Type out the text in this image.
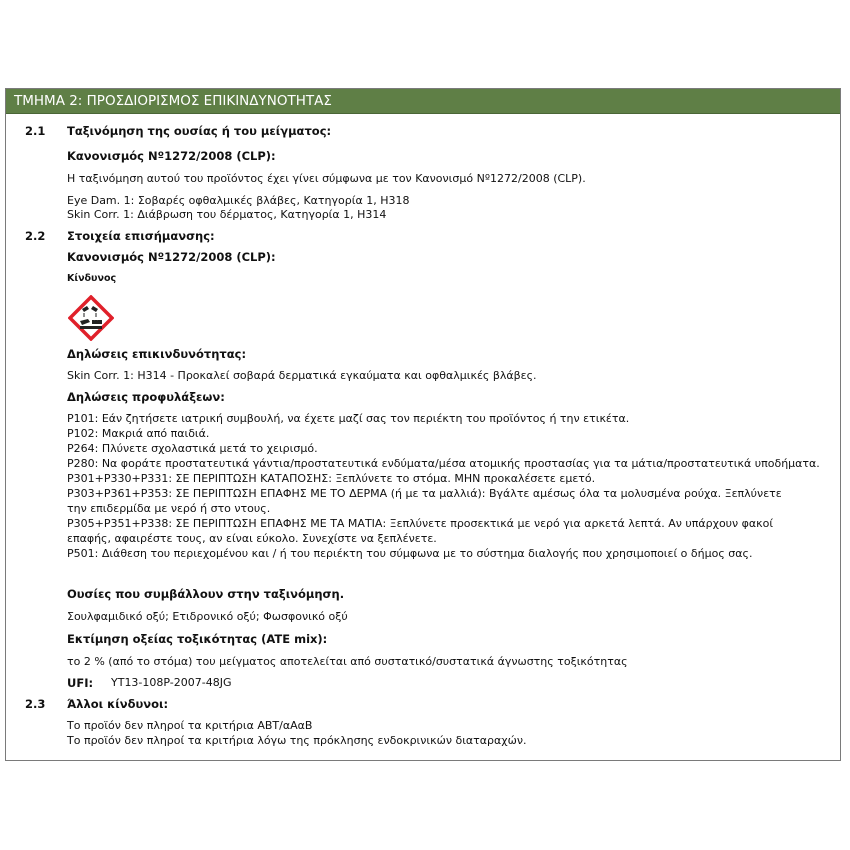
ΤΜΗΜΑ 2: ΠΡΟΣΔΙΟΡΙΣΜΟΣ ΕΠΙΚΙΝΔΥΝΟΤΗΤΑΣ
2.1 Ταξινόμηση της ουσίας ή του μείγματος:
Κανονισμός Nº1272/2008 (CLP):
Η ταξινόμηση αυτού του προϊόντος έχει γίνει σύμφωνα με τον Κανονισμό Nº1272/2008 (CLP).
Eye Dam. 1: Σοβαρές οφθαλμικές βλάβες, Κατηγορία 1, H318
Skin Corr. 1: Διάβρωση του δέρματος, Κατηγορία 1, H314
2.2 Στοιχεία επισήμανσης:
Κανονισμός Nº1272/2008 (CLP):
Κίνδυνος
Δηλώσεις επικινδυνότητας:
Skin Corr. 1: H314 - Προκαλεί σοβαρά δερματικά εγκαύματα και οφθαλμικές βλάβες.
Δηλώσεις προφυλάξεων:
P101: Εάν ζητήσετε ιατρική συμβουλή, να έχετε μαζί σας τον περιέκτη του προϊόντος ή την ετικέτα.
P102: Μακριά από παιδιά.
P264: Πλύνετε σχολαστικά μετά το χειρισμό.
P280: Να φοράτε προστατευτικά γάντια/προστατευτικά ενδύματα/μέσα ατομικής προστασίας για τα μάτια/προστατευτικά υποδήματα.
P301+P330+P331: ΣΕ ΠΕΡΙΠΤΩΣΗ ΚΑΤΑΠΟΣΗΣ: Ξεπλύνετε το στόμα. ΜΗΝ προκαλέσετε εμετό.
P303+P361+P353: ΣΕ ΠΕΡΙΠΤΩΣΗ ΕΠΑΦΗΣ ΜΕ ΤΟ ΔΕΡΜΑ (ή με τα μαλλιά): Βγάλτε αμέσως όλα τα μολυσμένα ρούχα. Ξεπλύνετε
την επιδερμίδα με νερό ή στο ντους.
P305+P351+P338: ΣΕ ΠΕΡΙΠΤΩΣΗ ΕΠΑΦΗΣ ΜΕ ΤΑ ΜΑΤΙΑ: Ξεπλύνετε προσεκτικά με νερό για αρκετά λεπτά. Αν υπάρχουν φακοί
επαφής, αφαιρέστε τους, αν είναι εύκολο. Συνεχίστε να ξεπλένετε.
P501: Διάθεση του περιεχομένου και / ή του περιέκτη του σύμφωνα με το σύστημα διαλογής που χρησιμοποιεί ο δήμος σας.
Ουσίες που συμβάλλουν στην ταξινόμηση.
Σουλφαμιδικό οξύ; Ετιδρονικό οξύ; Φωσφονικό οξύ
Εκτίμηση οξείας τοξικότητας (ATE mix):
το 2 % (από το στόμα) του μείγματος αποτελείται από συστατικό/συστατικά άγνωστης τοξικότητας
UFI: YT13-108P-2007-48JG
2.3 Άλλοι κίνδυνοι:
Το προϊόν δεν πληροί τα κριτήρια ΑΒΤ/αΑαΒ
Το προϊόν δεν πληροί τα κριτήρια λόγω της πρόκλησης ενδοκρινικών διαταραχών.
